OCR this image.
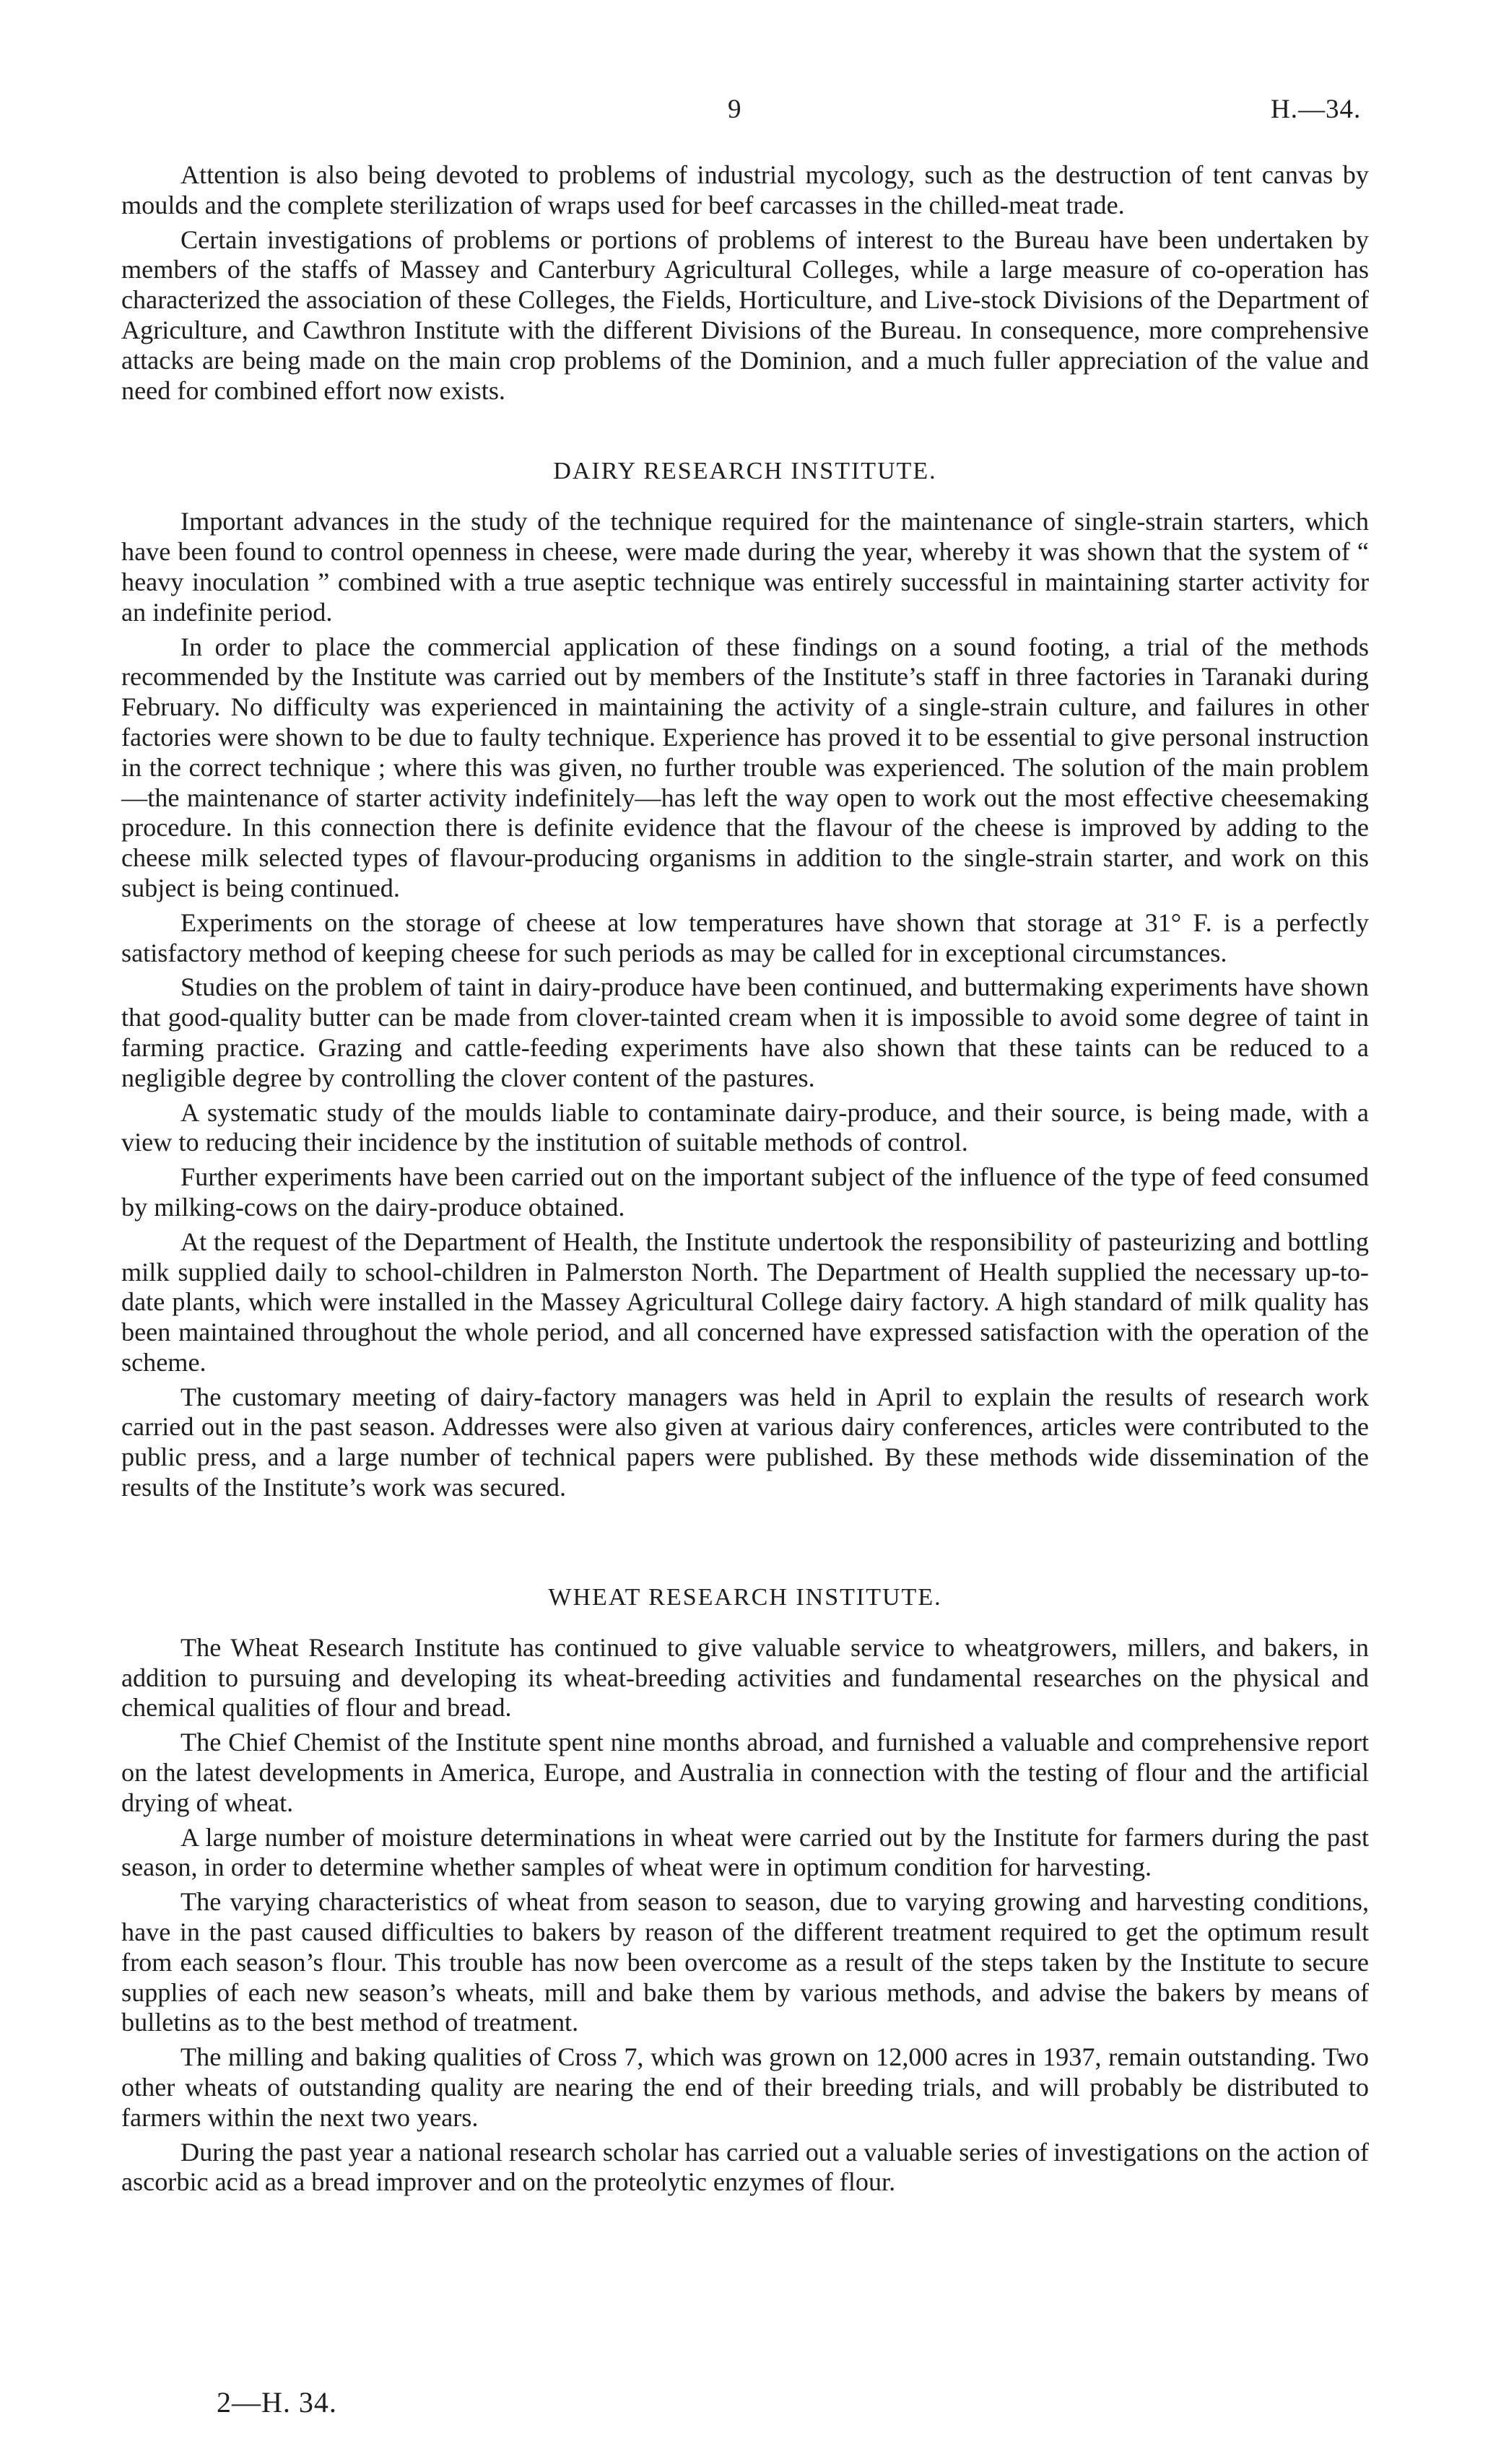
9	H.—34.

Attention is also being devoted to problems of industrial mycology, such as the destruction of tent canvas by moulds and the complete sterilization of wraps used for beef carcasses in the chilled-meat trade.

Certain investigations of problems or portions of problems of interest to the Bureau have been undertaken by members of the staffs of Massey and Canterbury Agricultural Colleges, while a large measure of co-operation has characterized the association of these Colleges, the Fields, Horticulture, and Live-stock Divisions of the Department of Agriculture, and Cawthron Institute with the different Divisions of the Bureau. In consequence, more comprehensive attacks are being made on the main crop problems of the Dominion, and a much fuller appreciation of the value and need for combined effort now exists.

DAIRY RESEARCH INSTITUTE.

Important advances in the study of the technique required for the maintenance of single-strain starters, which have been found to control openness in cheese, were made during the year, whereby it was shown that the system of “ heavy inoculation ” combined with a true aseptic technique was entirely successful in maintaining starter activity for an indefinite period.

In order to place the commercial application of these findings on a sound footing, a trial of the methods recommended by the Institute was carried out by members of the Institute’s staff in three factories in Taranaki during February. No difficulty was experienced in maintaining the activity of a single-strain culture, and failures in other factories were shown to be due to faulty technique. Experience has proved it to be essential to give personal instruction in the correct technique ; where this was given, no further trouble was experienced. The solution of the main problem—the maintenance of starter activity indefinitely—has left the way open to work out the most effective cheesemaking procedure. In this connection there is definite evidence that the flavour of the cheese is improved by adding to the cheese milk selected types of flavour-producing organisms in addition to the single-strain starter, and work on this subject is being continued.

Experiments on the storage of cheese at low temperatures have shown that storage at 31° F. is a perfectly satisfactory method of keeping cheese for such periods as may be called for in exceptional circumstances.

Studies on the problem of taint in dairy-produce have been continued, and buttermaking experiments have shown that good-quality butter can be made from clover-tainted cream when it is impossible to avoid some degree of taint in farming practice. Grazing and cattle-feeding experiments have also shown that these taints can be reduced to a negligible degree by controlling the clover content of the pastures.

A systematic study of the moulds liable to contaminate dairy-produce, and their source, is being made, with a view to reducing their incidence by the institution of suitable methods of control.

Further experiments have been carried out on the important subject of the influence of the type of feed consumed by milking-cows on the dairy-produce obtained.

At the request of the Department of Health, the Institute undertook the responsibility of pasteurizing and bottling milk supplied daily to school-children in Palmerston North. The Department of Health supplied the necessary up-to-date plants, which were installed in the Massey Agricultural College dairy factory. A high standard of milk quality has been maintained throughout the whole period, and all concerned have expressed satisfaction with the operation of the scheme.

The customary meeting of dairy-factory managers was held in April to explain the results of research work carried out in the past season. Addresses were also given at various dairy conferences, articles were contributed to the public press, and a large number of technical papers were published. By these methods wide dissemination of the results of the Institute’s work was secured.

WHEAT RESEARCH INSTITUTE.

The Wheat Research Institute has continued to give valuable service to wheatgrowers, millers, and bakers, in addition to pursuing and developing its wheat-breeding activities and fundamental researches on the physical and chemical qualities of flour and bread.

The Chief Chemist of the Institute spent nine months abroad, and furnished a valuable and comprehensive report on the latest developments in America, Europe, and Australia in connection with the testing of flour and the artificial drying of wheat.

A large number of moisture determinations in wheat were carried out by the Institute for farmers during the past season, in order to determine whether samples of wheat were in optimum condition for harvesting.

The varying characteristics of wheat from season to season, due to varying growing and harvesting conditions, have in the past caused difficulties to bakers by reason of the different treatment required to get the optimum result from each season’s flour. This trouble has now been overcome as a result of the steps taken by the Institute to secure supplies of each new season’s wheats, mill and bake them by various methods, and advise the bakers by means of bulletins as to the best method of treatment.

The milling and baking qualities of Cross 7, which was grown on 12,000 acres in 1937, remain outstanding. Two other wheats of outstanding quality are nearing the end of their breeding trials, and will probably be distributed to farmers within the next two years.

During the past year a national research scholar has carried out a valuable series of investigations on the action of ascorbic acid as a bread improver and on the proteolytic enzymes of flour.

2—H. 34.
